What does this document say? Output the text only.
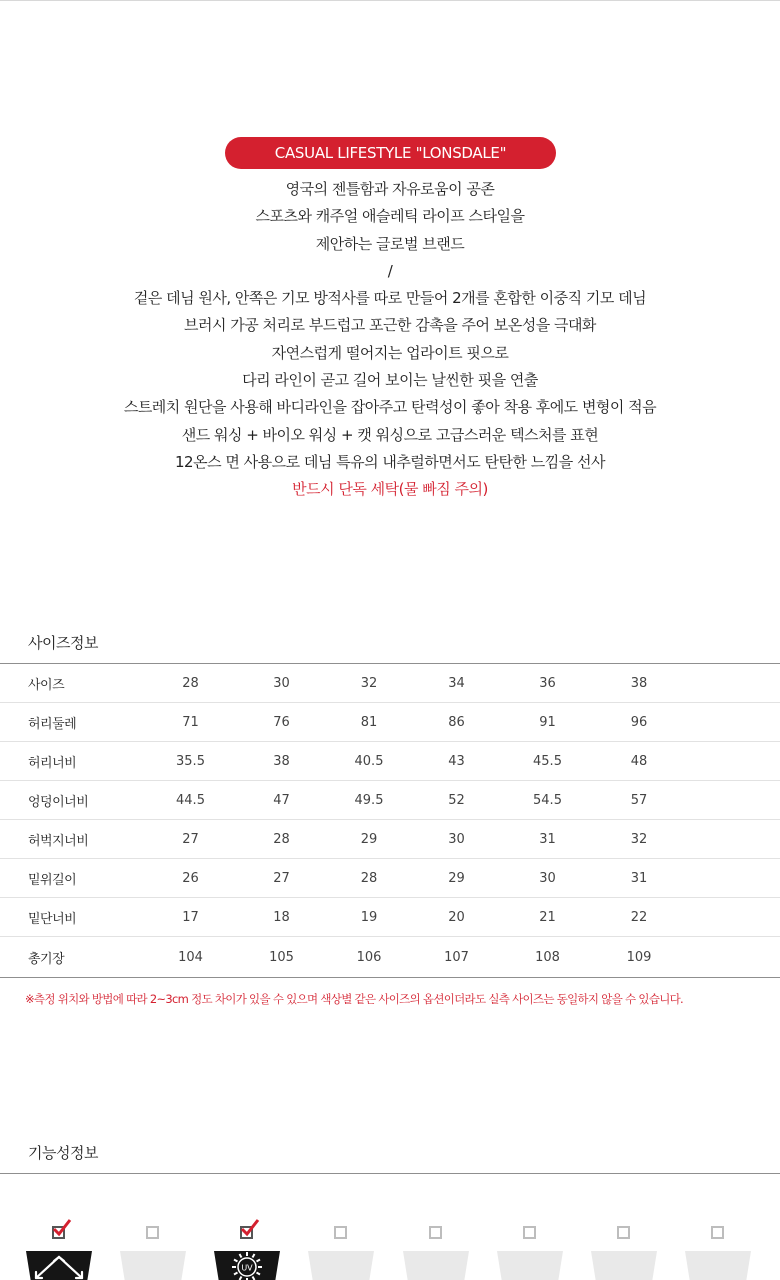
CASUAL LIFESTYLE "LONSDALE"
영국의 젠틀함과 자유로움이 공존
스포츠와 캐주얼 애슬레틱 라이프 스타일을
제안하는 글로벌 브랜드
/
겉은 데님 원사, 안쪽은 기모 방적사를 따로 만들어 2개를 혼합한 이중직 기모 데님
브러시 가공 처리로 부드럽고 포근한 감촉을 주어 보온성을 극대화
자연스럽게 떨어지는 업라이트 핏으로
다리 라인이 곧고 길어 보이는 날씬한 핏을 연출
스트레치 원단을 사용해 바디라인을 잡아주고 탄력성이 좋아 착용 후에도 변형이 적음
샌드 워싱 + 바이오 워싱 + 캣 워싱으로 고급스러운 텍스처를 표현
12온스 면 사용으로 데님 특유의 내추럴하면서도 탄탄한 느낌을 선사
반드시 단독 세탁(물 빠짐 주의)
사이즈정보
사이즈	28	30	32	34	36	38	
허리둘레	71	76	81	86	91	96	
허리너비	35.5	38	40.5	43	45.5	48	
엉덩이너비	44.5	47	49.5	52	54.5	57	
허벅지너비	27	28	29	30	31	32	
밑위길이	26	27	28	29	30	31	
밑단너비	17	18	19	20	21	22	
총기장	104	105	106	107	108	109	
※측정 위치와 방법에 따라 2~3cm 정도 차이가 있을 수 있으며 색상별 같은 사이즈의 옵션이더라도 실측 사이즈는 동일하지 않을 수 있습니다.
기능성정보
UV
